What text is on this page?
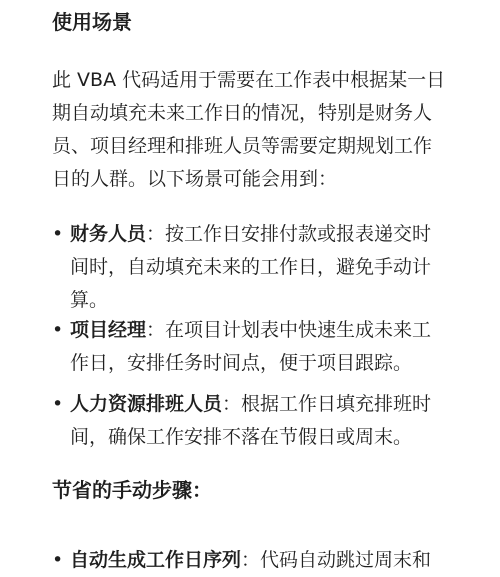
使用场景
此 VBA 代码适用于需要在工作表中根据某一日
期自动填充未来工作日的情况，特别是财务人
员、项目经理和排班人员等需要定期规划工作
日的人群。以下场景可能会用到：
• 财务人员：按工作日安排付款或报表递交时
间时，自动填充未来的工作日，避免手动计
算。
• 项目经理：在项目计划表中快速生成未来工
作日，安排任务时间点，便于项目跟踪。
• 人力资源排班人员：根据工作日填充排班时
间，确保工作安排不落在节假日或周末。
节省的手动步骤：
• 自动生成工作日序列：代码自动跳过周末和
